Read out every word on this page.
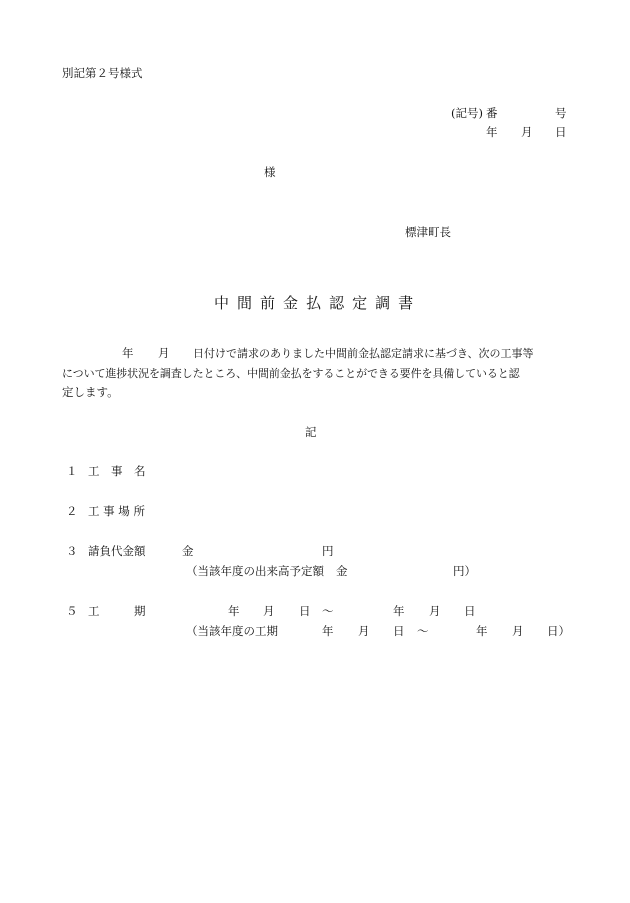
別記第２号様式
(記号) 番	号
年 月 日
様
標津町長
中 間 前 金 払 認 定 調 書
年 月 日付けで請求のありました中間前金払認定請求に基づき、次の工事等
について進捗状況を調査したところ、中間前金払をすることができる要件を具備していると認
定します。
記
１ 工 事 名
２ 工 事 場 所
３ 請負代金額	金	円
（当該年度の出来高予定額 金	円）
５ 工	期	年 月 日 ～	年 月 日
（当該年度の工期	年 月 日 ～	年 月 日）
